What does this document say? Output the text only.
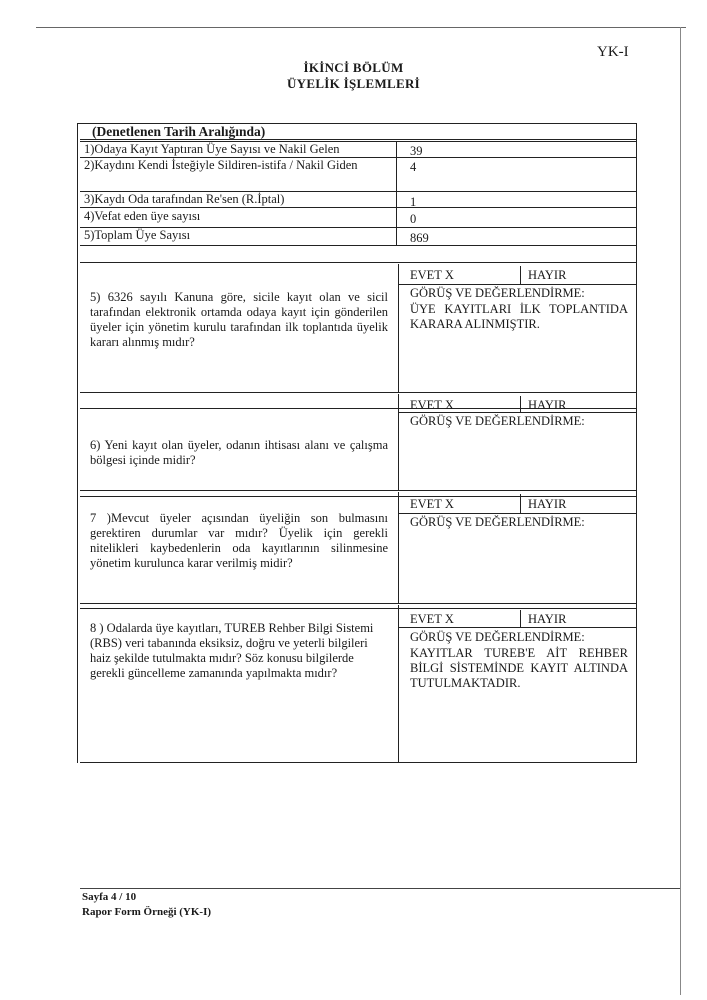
YK-I
İKİNCİ BÖLÜM
ÜYELİK İŞLEMLERİ
(Denetlenen Tarih Aralığında)
1)Odaya Kayıt Yaptıran Üye Sayısı ve Nakil Gelen	39
2)Kaydını Kendi İsteğiyle Sildiren-istifa / Nakil Giden	4
3)Kaydı Oda tarafından Re'sen (R.İptal)	1
4)Vefat eden üye sayısı	0
5)Toplam Üye Sayısı	869
5) 6326 sayılı Kanuna göre, sicile kayıt olan ve sicil tarafından elektronik ortamda odaya kayıt için gönderilen üyeler için yönetim kurulu tarafından ilk toplantıda üyelik kararı alınmış mıdır?
EVET X	HAYIR
GÖRÜŞ VE DEĞERLENDİRME:
ÜYE KAYITLARI İLK TOPLANTIDA KARARA ALINMIŞTIR.
6) Yeni kayıt olan üyeler, odanın ihtisası alanı ve çalışma bölgesi içinde midir?
EVET X	HAYIR
GÖRÜŞ VE DEĞERLENDİRME:
7 )Mevcut üyeler açısından üyeliğin son bulmasını gerektiren durumlar var mıdır? Üyelik için gerekli nitelikleri kaybedenlerin oda kayıtlarının silinmesine yönetim kurulunca karar verilmiş midir?
EVET X	HAYIR
GÖRÜŞ VE DEĞERLENDİRME:
8 ) Odalarda üye kayıtları, TUREB Rehber Bilgi Sistemi (RBS) veri tabanında eksiksiz, doğru ve yeterli bilgileri haiz şekilde tutulmakta mıdır? Söz konusu bilgilerde gerekli güncelleme zamanında yapılmakta mıdır?
EVET X	HAYIR
GÖRÜŞ VE DEĞERLENDİRME:
KAYITLAR TUREB'E AİT REHBER BİLGİ SİSTEMİNDE KAYIT ALTINDA TUTULMAKTADIR.
Sayfa 4 / 10
Rapor Form Örneği (YK-I)
